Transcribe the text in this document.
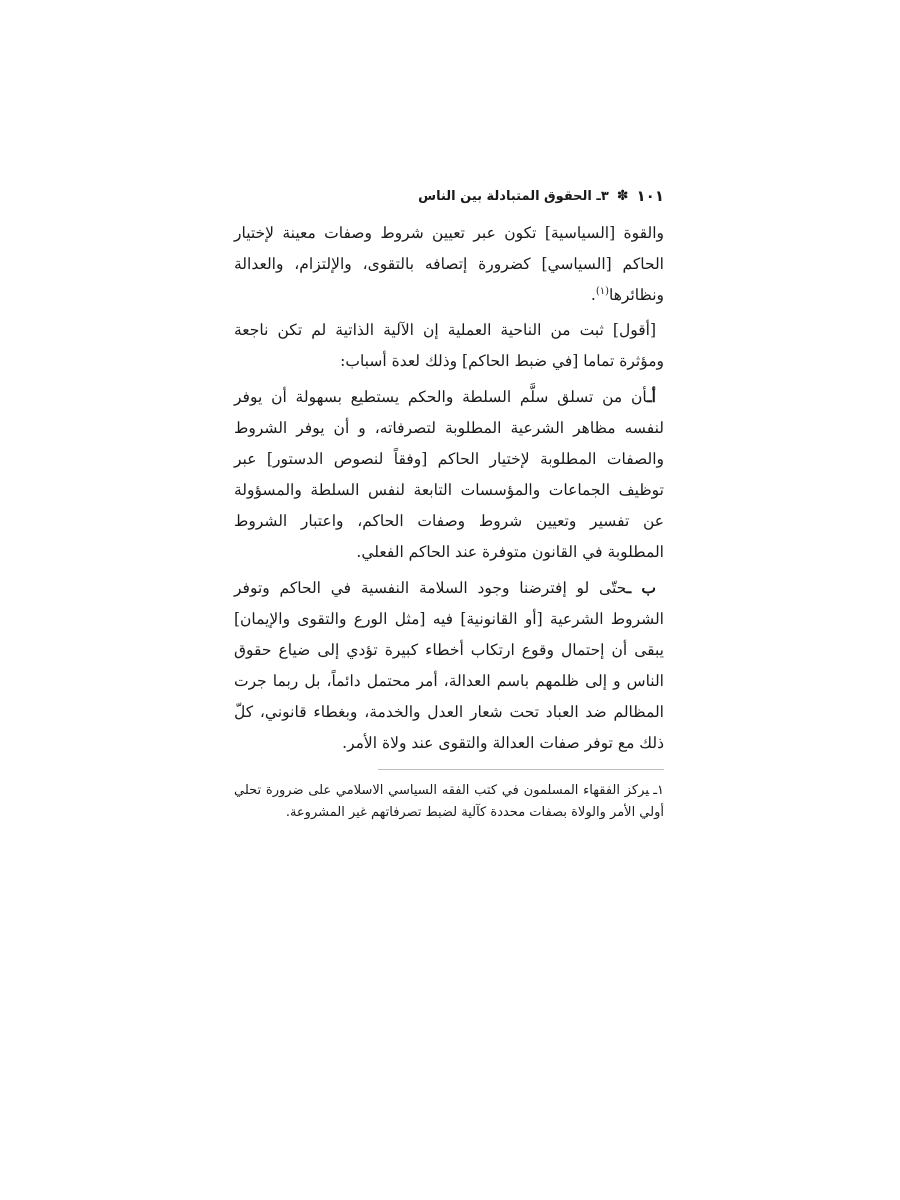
١٠١
✽
٣ـ الحقوق المتبادلة بين الناس

والقوة [السياسية] تكون عبر تعيين شروط وصفات معينة لإختيار الحاكم [السياسي] كضرورة إتصافه بالتقوى، والإلتزام، والعدالة ونظائرها$^{(١)}$.

[أقول] ثبت من الناحية العملية إن الآلية الذاتية لم تكن ناجعة ومؤثرة تماما [في ضبط الحاكم] وذلك لعدة أسباب:

أـأن من تسلق سلَّم السلطة والحكم يستطيع بسهولة أن يوفر لنفسه مظاهر الشرعية المطلوبة لتصرفاته، و أن يوفر الشروط والصفات المطلوبة لإختيار الحاكم [وفقاً لنصوص الدستور] عبر توظيف الجماعات والمؤسسات التابعة لنفس السلطة والمسؤولة عن تفسير وتعيين شروط وصفات الحاكم، واعتبار الشروط المطلوبة في القانون متوفرة عند الحاكم الفعلي.

ب ـحتّى لو إفترضنا وجود السلامة النفسية في الحاكم وتوفر الشروط الشرعية [أو القانونية] فيه [مثل الورع والتقوى والإيمان] يبقى أن إحتمال وقوع ارتكاب أخطاء كبيرة تؤدي إلى ضياع حقوق الناس و إلى ظلمهم باسم العدالة، أمر محتمل دائماً، بل ربما جرت المظالم ضد العباد تحت شعار العدل والخدمة، وبغطاء قانوني، كلّ ذلك مع توفر صفات العدالة والتقوى عند ولاة الأمر.

١ـيركز الفقهاء المسلمون في كتب الفقه السياسي الاسلامي على ضرورة تحلي أولي الأمر والولاة بصفات محددة كآلية لضبط تصرفاتهم غير المشروعة.
